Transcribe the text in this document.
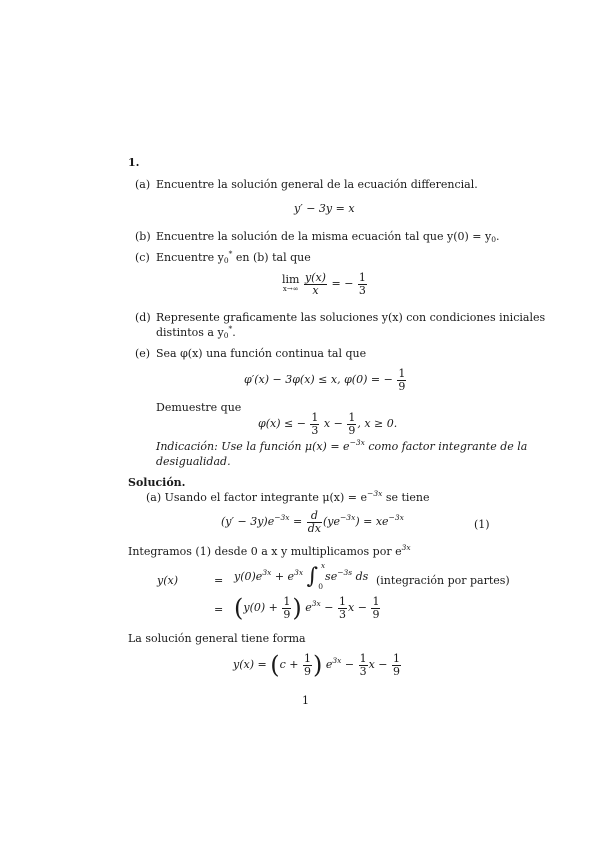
1.
(a) Encuentre la solución general de la ecuación differencial.
y′ − 3y = x
(b) Encuentre la solución de la misma ecuación tal que $y(0) = y_0$.
(c) Encuentre $y_0^*$ en (b) tal que
lim
x→∞
$\frac{y(x)}{x}$ = − $\frac{1}{3}$
(d) Represente graficamente las soluciones y(x) con condiciones iniciales
distintos a $y_0^*$.
(e) Sea φ(x) una función continua tal que
φ′(x) − 3φ(x) ≤ x, φ(0) = − $\frac{1}{9}$
Demuestre que
φ(x) ≤ − $\frac{1}{3}$ $x - \frac{1}{9}$ , x ≥ 0.
Indicación: Use la función $\mu(x) = e^{-3x}$ como factor integrante de la
desigualidad.
Solución.
(a) Usando el factor integrante $\mu(x) = e^{-3x}$ se tiene
$(y' - 3y)e^{-3x} = \frac{d}{dx} (ye^{-3x}) = xe^{-3x}$
(1)
Integramos (1) desde 0 a x y multiplicamos por $e^{3x}$
y(x)	= $y(0)e^{3x} + e^{3x}$ ∫ x
0
$se^{-3s}$ ds (integración por partes)
= ($y(0) + \frac{1}{9}$ ) $e^{3x} - \frac{1}{3}$ $x - \frac{1}{9}$
La solución general tiene forma
$y(x) = (c + \frac{1}{9}$ ) $e^{3x} - \frac{1}{3}$ $x - \frac{1}{9}$
1
